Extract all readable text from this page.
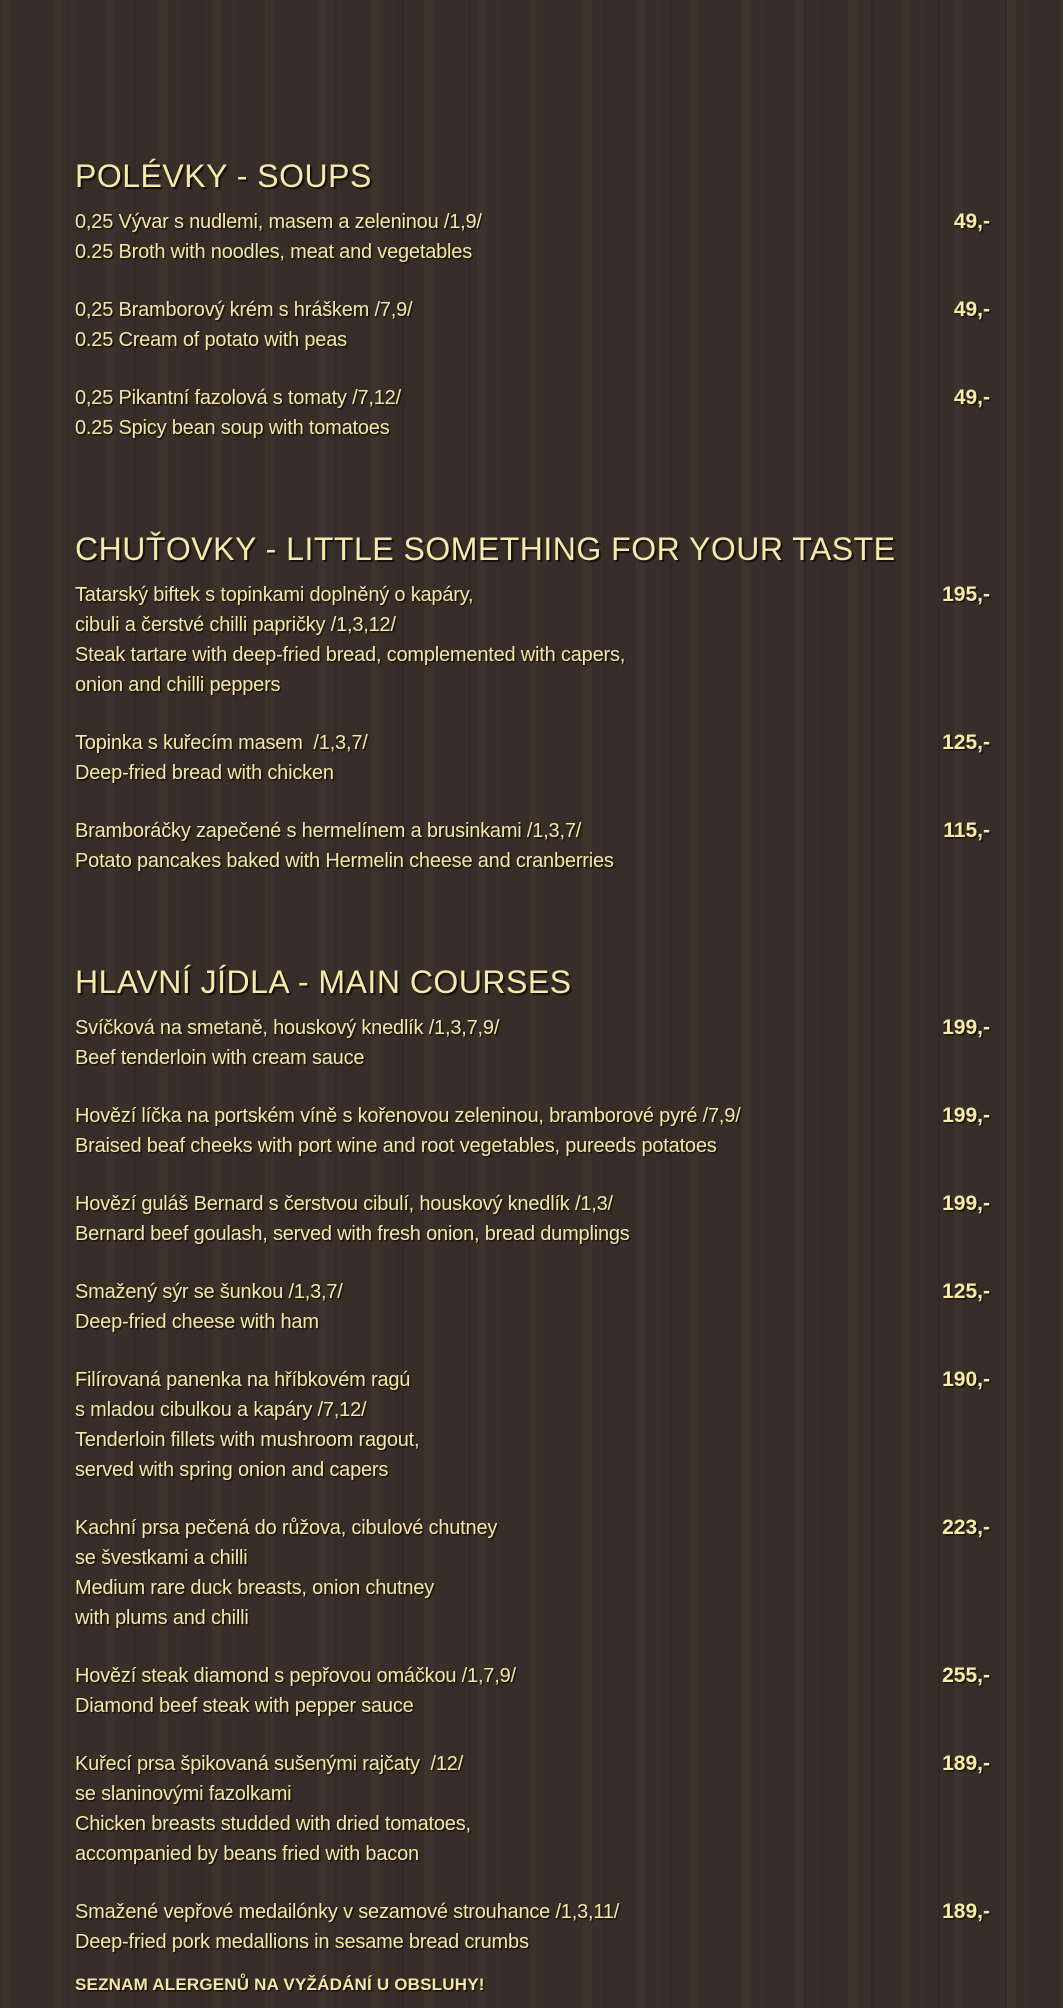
POLÉVKY - SOUPS
0,25 Vývar s nudlemi, masem a zeleninou /1,9/
0.25 Broth with noodles, meat and vegetables
49,-
0,25 Bramborový krém s hráškem /7,9/
0.25 Cream of potato with peas
49,-
0,25 Pikantní fazolová s tomaty /7,12/
0.25 Spicy bean soup with tomatoes
49,-
CHUŤOVKY - LITTLE SOMETHING FOR YOUR TASTE
Tatarský biftek s topinkami doplněný o kapáry,
cibuli a čerstvé chilli papričky /1,3,12/
Steak tartare with deep-fried bread, complemented with capers,
onion and chilli peppers
195,-
Topinka s kuřecím masem  /1,3,7/
Deep-fried bread with chicken
125,-
Bramboráčky zapečené s hermelínem a brusinkami /1,3,7/
Potato pancakes baked with Hermelin cheese and cranberries
115,-
HLAVNÍ JÍDLA - MAIN COURSES
Svíčková na smetaně, houskový knedlík /1,3,7,9/
Beef tenderloin with cream sauce
199,-
Hovězí líčka na portském víně s kořenovou zeleninou, bramborové pyré /7,9/
Braised beaf cheeks with port wine and root vegetables, pureeds potatoes
199,-
Hovězí guláš Bernard s čerstvou cibulí, houskový knedlík /1,3/
Bernard beef goulash, served with fresh onion, bread dumplings
199,-
Smažený sýr se šunkou /1,3,7/
Deep-fried cheese with ham
125,-
Filírovaná panenka na hříbkovém ragú
s mladou cibulkou a kapáry /7,12/
Tenderloin fillets with mushroom ragout,
served with spring onion and capers
190,-
Kachní prsa pečená do růžova, cibulové chutney
se švestkami a chilli
Medium rare duck breasts, onion chutney
with plums and chilli
223,-
Hovězí steak diamond s pepřovou omáčkou /1,7,9/
Diamond beef steak with pepper sauce
255,-
Kuřecí prsa špikovaná sušenými rajčaty  /12/
se slaninovými fazolkami
Chicken breasts studded with dried tomatoes,
accompanied by beans fried with bacon
189,-
Smažené vepřové medailónky v sezamové strouhance /1,3,11/
Deep-fried pork medallions in sesame bread crumbs
189,-
SEZNAM ALERGENŮ NA VYŽÁDÁNÍ U OBSLUHY!
